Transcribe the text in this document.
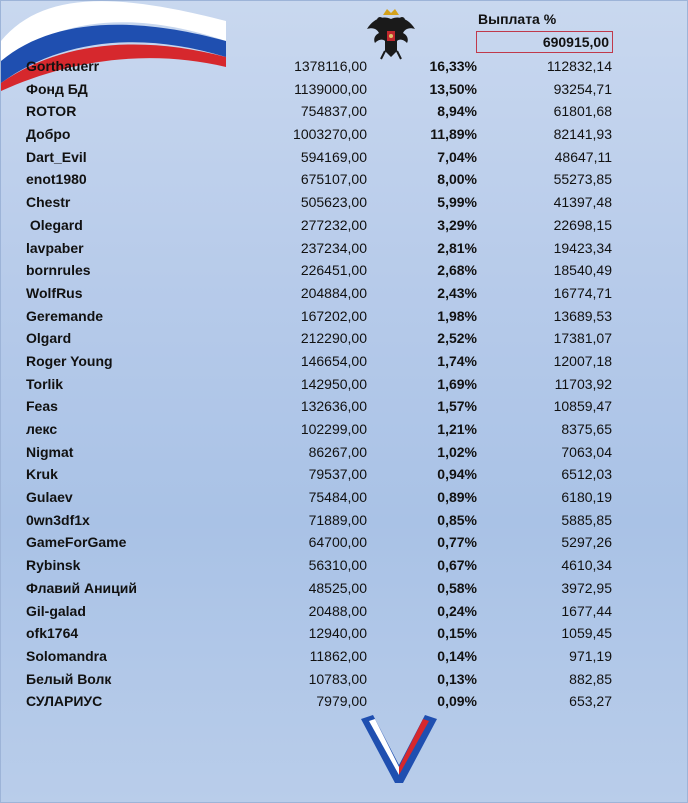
Выплата %
690915,00
Gorthauerr	1378116,00	16,33%	112832,14
Фонд БД	1139000,00	13,50%	93254,71
ROTOR	754837,00	8,94%	61801,68
Добро	1003270,00	11,89%	82141,93
Dart_Evil	594169,00	7,04%	48647,11
enot1980	675107,00	8,00%	55273,85
Chestr	505623,00	5,99%	41397,48
Olegard	277232,00	3,29%	22698,15
lavpaber	237234,00	2,81%	19423,34
bornrules	226451,00	2,68%	18540,49
WolfRus	204884,00	2,43%	16774,71
Geremande	167202,00	1,98%	13689,53
Olgard	212290,00	2,52%	17381,07
Roger Young	146654,00	1,74%	12007,18
Torlik	142950,00	1,69%	11703,92
Feas	132636,00	1,57%	10859,47
лекс	102299,00	1,21%	8375,65
Nigmat	86267,00	1,02%	7063,04
Kruk	79537,00	0,94%	6512,03
Gulaev	75484,00	0,89%	6180,19
0wn3df1x	71889,00	0,85%	5885,85
GameForGame	64700,00	0,77%	5297,26
Rybinsk	56310,00	0,67%	4610,34
Флавий Аниций	48525,00	0,58%	3972,95
Gil-galad	20488,00	0,24%	1677,44
ofk1764	12940,00	0,15%	1059,45
Solomandra	11862,00	0,14%	971,19
Белый Волк	10783,00	0,13%	882,85
СУЛАРИУС	7979,00	0,09%	653,27
